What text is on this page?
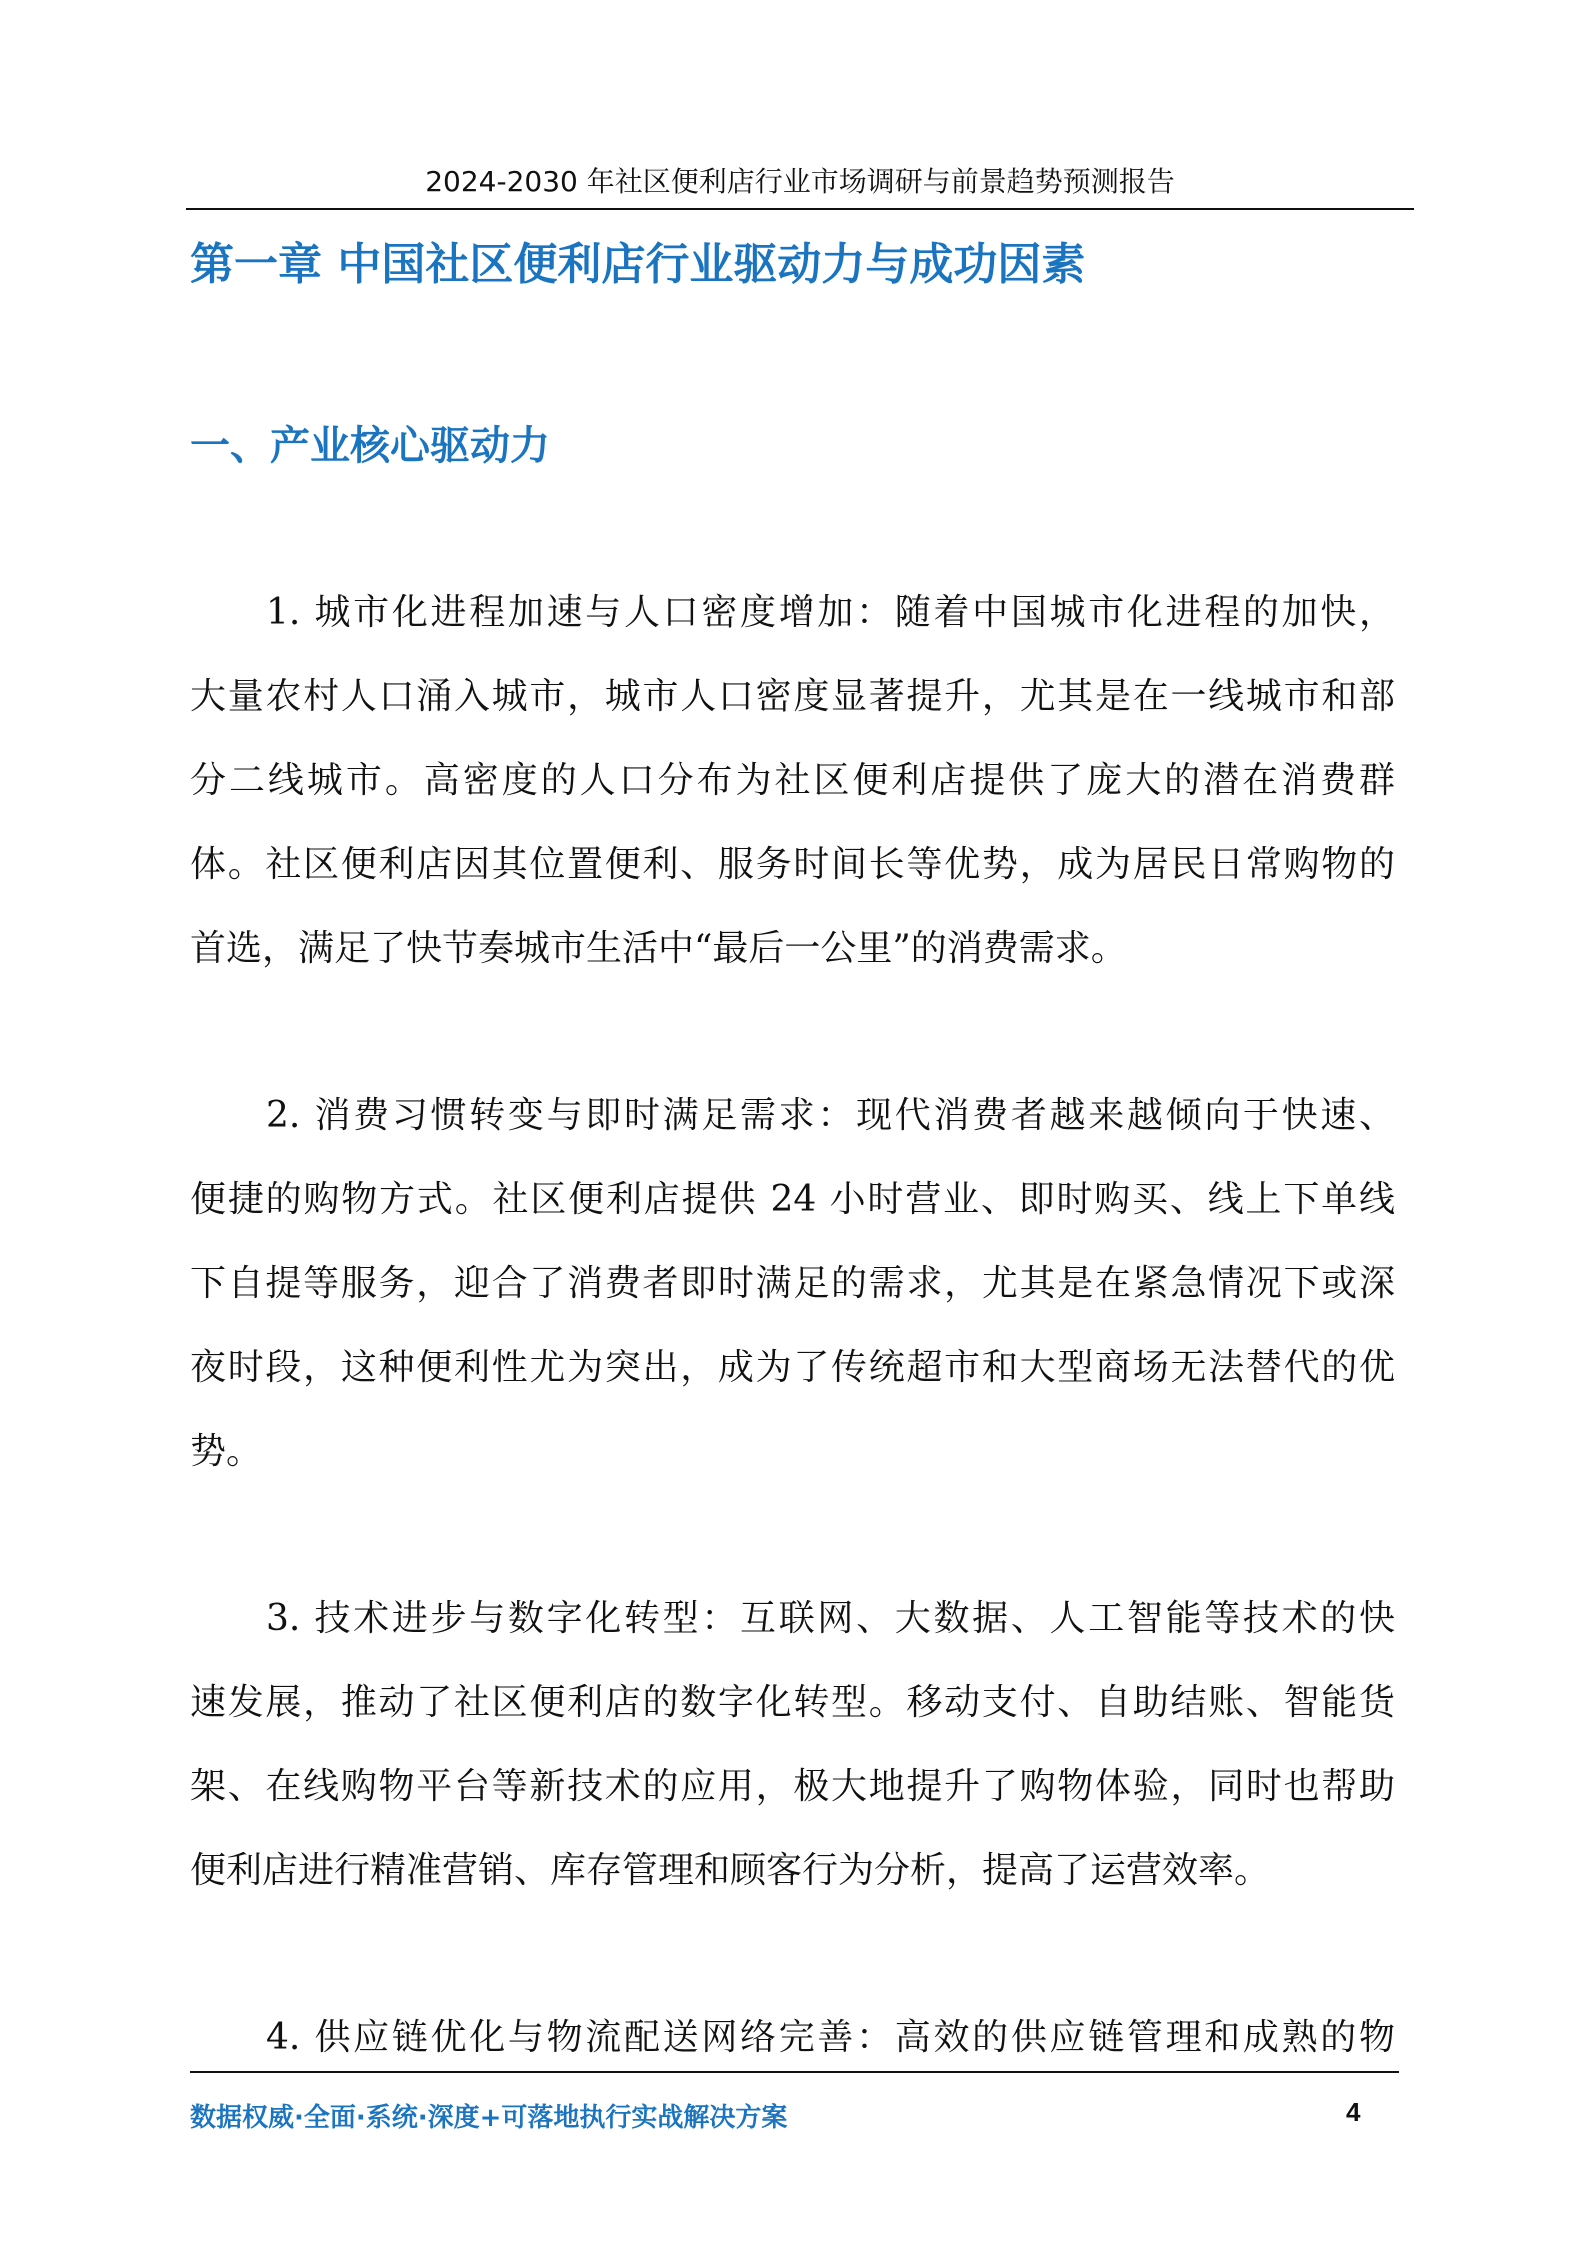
2024-2030 年社区便利店行业市场调研与前景趋势预测报告
第一章 中国社区便利店行业驱动力与成功因素
一、产业核心驱动力
1. 城市化进程加速与人口密度增加：随着中国城市化进程的加快，
大量农村人口涌入城市，城市人口密度显著提升，尤其是在一线城市和部
分二线城市。高密度的人口分布为社区便利店提供了庞大的潜在消费群
体。社区便利店因其位置便利、服务时间长等优势，成为居民日常购物的
首选，满足了快节奏城市生活中“最后一公里”的消费需求。
2. 消费习惯转变与即时满足需求：现代消费者越来越倾向于快速、
便捷的购物方式。社区便利店提供 24 小时营业、即时购买、线上下单线
下自提等服务，迎合了消费者即时满足的需求，尤其是在紧急情况下或深
夜时段，这种便利性尤为突出，成为了传统超市和大型商场无法替代的优
势。
3. 技术进步与数字化转型：互联网、大数据、人工智能等技术的快
速发展，推动了社区便利店的数字化转型。移动支付、自助结账、智能货
架、在线购物平台等新技术的应用，极大地提升了购物体验，同时也帮助
便利店进行精准营销、库存管理和顾客行为分析，提高了运营效率。
4. 供应链优化与物流配送网络完善：高效的供应链管理和成熟的物
数据权威·全面·系统·深度+可落地执行实战解决方案	4
